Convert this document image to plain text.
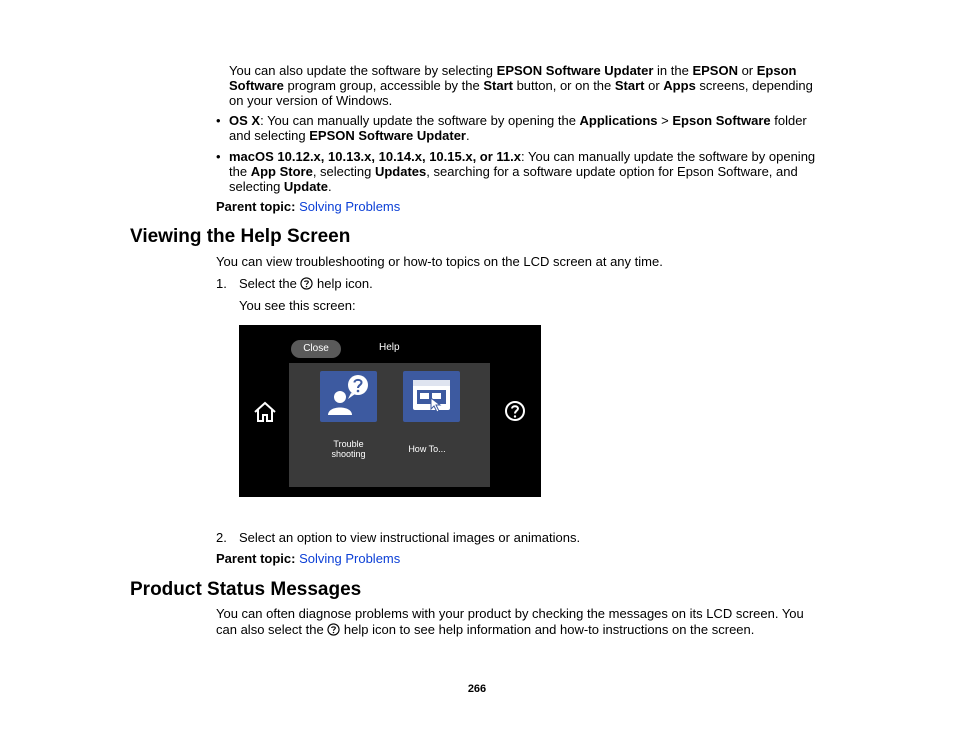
You can also update the software by selecting EPSON Software Updater in the EPSON or Epson
Software program group, accessible by the Start button, or on the Start or Apps screens, depending
on your version of Windows.
• OS X: You can manually update the software by opening the Applications > Epson Software folder
and selecting EPSON Software Updater.
• macOS 10.12.x, 10.13.x, 10.14.x, 10.15.x, or 11.x: You can manually update the software by opening
the App Store, selecting Updates, searching for a software update option for Epson Software, and
selecting Update.
Parent topic: Solving Problems
Viewing the Help Screen
You can view troubleshooting or how-to topics on the LCD screen at any time.
1. Select the  help icon.
You see this screen:
Close	Help
Trouble
shooting	How To...
2. Select an option to view instructional images or animations.
Parent topic: Solving Problems
Product Status Messages
You can often diagnose problems with your product by checking the messages on its LCD screen. You
can also select the  help icon to see help information and how-to instructions on the screen.
266
